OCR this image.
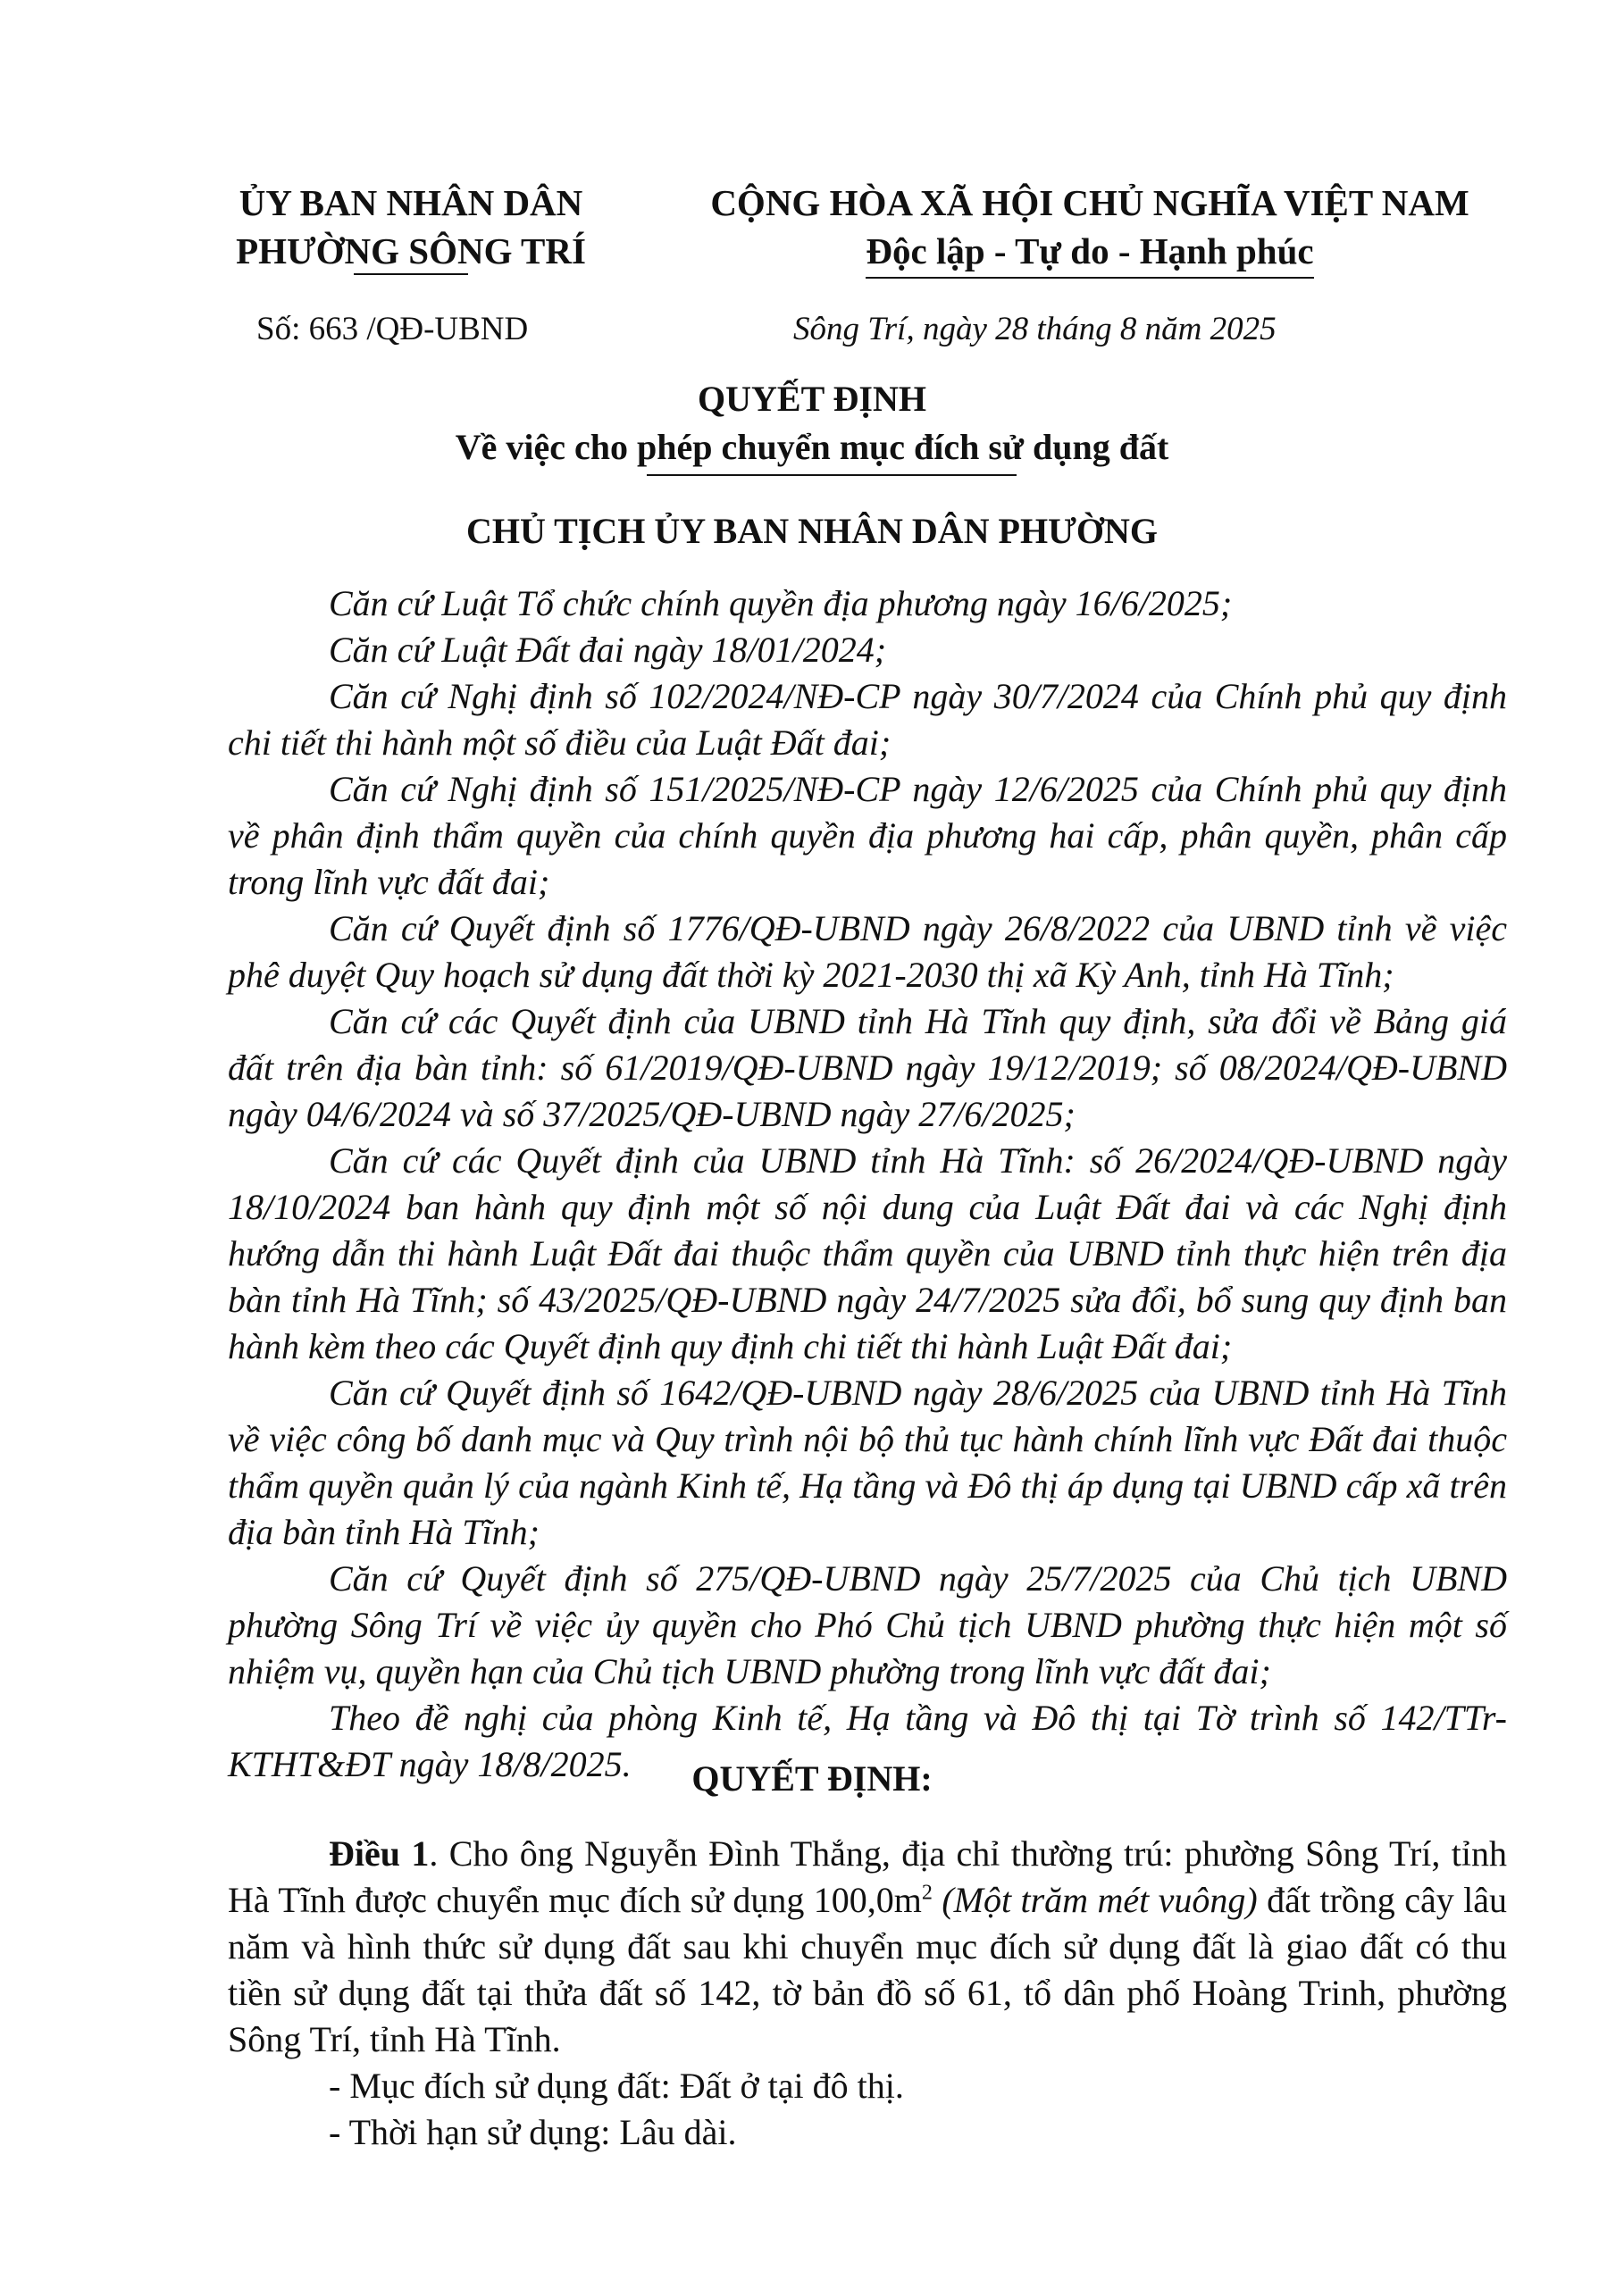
ỦY BAN NHÂN DÂN
PHƯỜNG SÔNG TRÍ
CỘNG HÒA XÃ HỘI CHỦ NGHĨA VIỆT NAM
Độc lập - Tự do - Hạnh phúc
Số: 663 /QĐ-UBND	Sông Trí, ngày 28 tháng 8 năm 2025
QUYẾT ĐỊNH
Về việc cho phép chuyển mục đích sử dụng đất
CHỦ TỊCH ỦY BAN NHÂN DÂN PHƯỜNG

Căn cứ Luật Tổ chức chính quyền địa phương ngày 16/6/2025;

Căn cứ Luật Đất đai ngày 18/01/2024;

Căn cứ Nghị định số 102/2024/NĐ-CP ngày 30/7/2024 của Chính phủ quy định chi tiết thi hành một số điều của Luật Đất đai;

Căn cứ Nghị định số 151/2025/NĐ-CP ngày 12/6/2025 của Chính phủ quy định về phân định thẩm quyền của chính quyền địa phương hai cấp, phân quyền, phân cấp trong lĩnh vực đất đai;

Căn cứ Quyết định số 1776/QĐ-UBND ngày 26/8/2022 của UBND tỉnh về việc phê duyệt Quy hoạch sử dụng đất thời kỳ 2021-2030 thị xã Kỳ Anh, tỉnh Hà Tĩnh;

Căn cứ các Quyết định của UBND tỉnh Hà Tĩnh quy định, sửa đổi về Bảng giá đất trên địa bàn tỉnh: số 61/2019/QĐ-UBND ngày 19/12/2019; số 08/2024/QĐ-UBND ngày 04/6/2024 và số 37/2025/QĐ-UBND ngày 27/6/2025;

Căn cứ các Quyết định của UBND tỉnh Hà Tĩnh: số 26/2024/QĐ-UBND ngày 18/10/2024 ban hành quy định một số nội dung của Luật Đất đai và các Nghị định hướng dẫn thi hành Luật Đất đai thuộc thẩm quyền của UBND tỉnh thực hiện trên địa bàn tỉnh Hà Tĩnh; số 43/2025/QĐ-UBND ngày 24/7/2025 sửa đổi, bổ sung quy định ban hành kèm theo các Quyết định quy định chi tiết thi hành Luật Đất đai;

Căn cứ Quyết định số 1642/QĐ-UBND ngày 28/6/2025 của UBND tỉnh Hà Tĩnh về việc công bố danh mục và Quy trình nội bộ thủ tục hành chính lĩnh vực Đất đai thuộc thẩm quyền quản lý của ngành Kinh tế, Hạ tầng và Đô thị áp dụng tại UBND cấp xã trên địa bàn tỉnh Hà Tĩnh;

Căn cứ Quyết định số 275/QĐ-UBND ngày 25/7/2025 của Chủ tịch UBND phường Sông Trí về việc ủy quyền cho Phó Chủ tịch UBND phường thực hiện một số nhiệm vụ, quyền hạn của Chủ tịch UBND phường trong lĩnh vực đất đai;

Theo đề nghị của phòng Kinh tế, Hạ tầng và Đô thị tại Tờ trình số 142/TTr-KTHT&ĐT ngày 18/8/2025.	QUYẾT ĐỊNH:

Điều 1. Cho ông Nguyễn Đình Thắng, địa chỉ thường trú: phường Sông Trí, tỉnh Hà Tĩnh được chuyển mục đích sử dụng $100,0m^2$ (Một trăm mét vuông) đất trồng cây lâu năm và hình thức sử dụng đất sau khi chuyển mục đích sử dụng đất là giao đất có thu tiền sử dụng đất tại thửa đất số 142, tờ bản đồ số 61, tổ dân phố Hoàng Trinh, phường Sông Trí, tỉnh Hà Tĩnh.

- Mục đích sử dụng đất: Đất ở tại đô thị.

- Thời hạn sử dụng: Lâu dài.
